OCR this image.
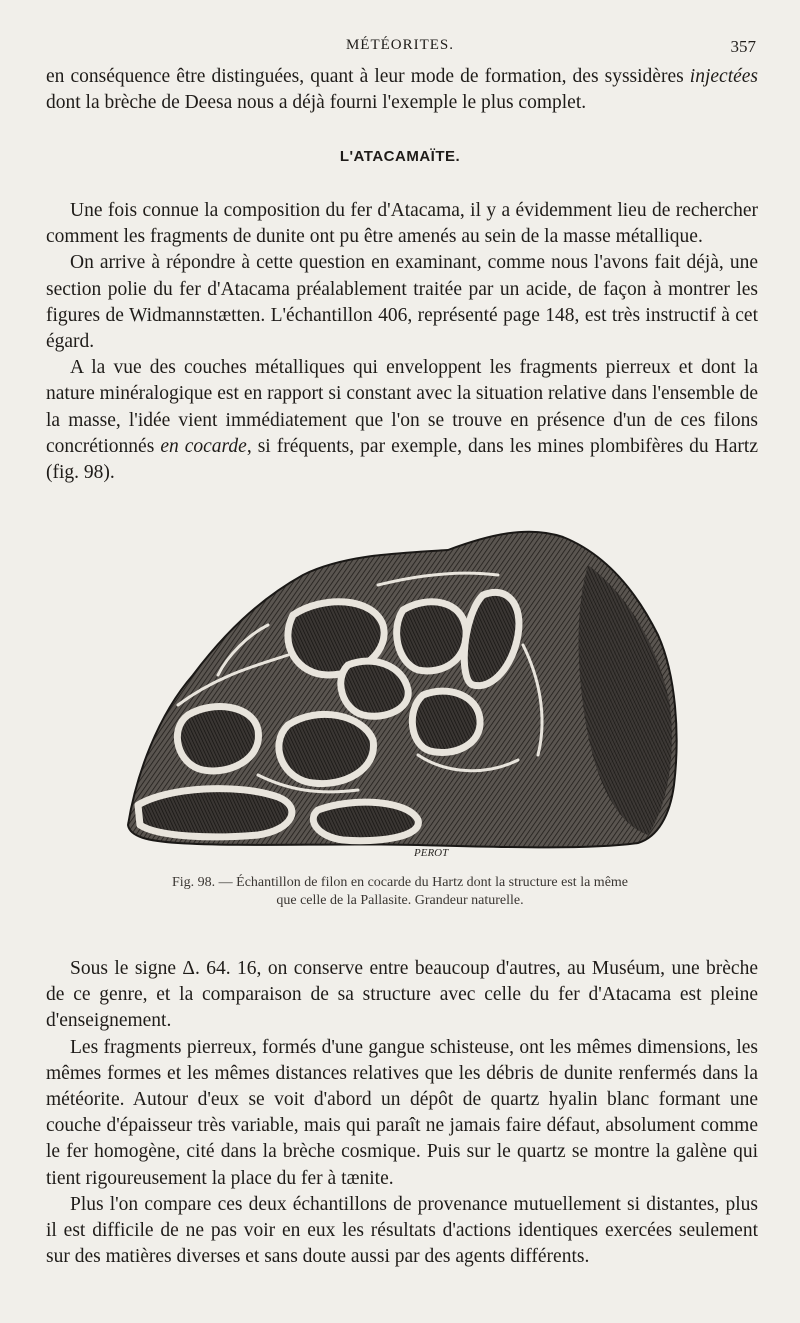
MÉTÉORITES.	357

en conséquence être distinguées, quant à leur mode de formation, des syssidères injectées dont la brèche de Deesa nous a déjà fourni l'exemple le plus complet.

L'ATACAMAÏTE.

Une fois connue la composition du fer d'Atacama, il y a évidemment lieu de rechercher comment les fragments de dunite ont pu être amenés au sein de la masse métallique.

On arrive à répondre à cette question en examinant, comme nous l'avons fait déjà, une section polie du fer d'Atacama préalablement traitée par un acide, de façon à montrer les figures de Widmannstætten. L'échantillon 406, représenté page 148, est très instructif à cet égard.

A la vue des couches métalliques qui enveloppent les fragments pierreux et dont la nature minéralogique est en rapport si constant avec la situation relative dans l'ensemble de la masse, l'idée vient immédiatement que l'on se trouve en présence d'un de ces filons concrétionnés en cocarde, si fréquents, par exemple, dans les mines plombifères du Hartz (fig. 98).

PEROT
Fig. 98. — Échantillon de filon en cocarde du Hartz dont la structure est la même
que celle de la Pallasite. Grandeur naturelle.

Sous le signe Δ. 64. 16, on conserve entre beaucoup d'autres, au Muséum, une brèche de ce genre, et la comparaison de sa structure avec celle du fer d'Atacama est pleine d'enseignement.

Les fragments pierreux, formés d'une gangue schisteuse, ont les mêmes dimensions, les mêmes formes et les mêmes distances relatives que les débris de dunite renfermés dans la météorite. Autour d'eux se voit d'abord un dépôt de quartz hyalin blanc formant une couche d'épaisseur très variable, mais qui paraît ne jamais faire défaut, absolument comme le fer homogène, cité dans la brèche cosmique. Puis sur le quartz se montre la galène qui tient rigoureusement la place du fer à tænite.

Plus l'on compare ces deux échantillons de provenance mutuellement si distantes, plus il est difficile de ne pas voir en eux les résultats d'actions identiques exercées seulement sur des matières diverses et sans doute aussi par des agents différents.
